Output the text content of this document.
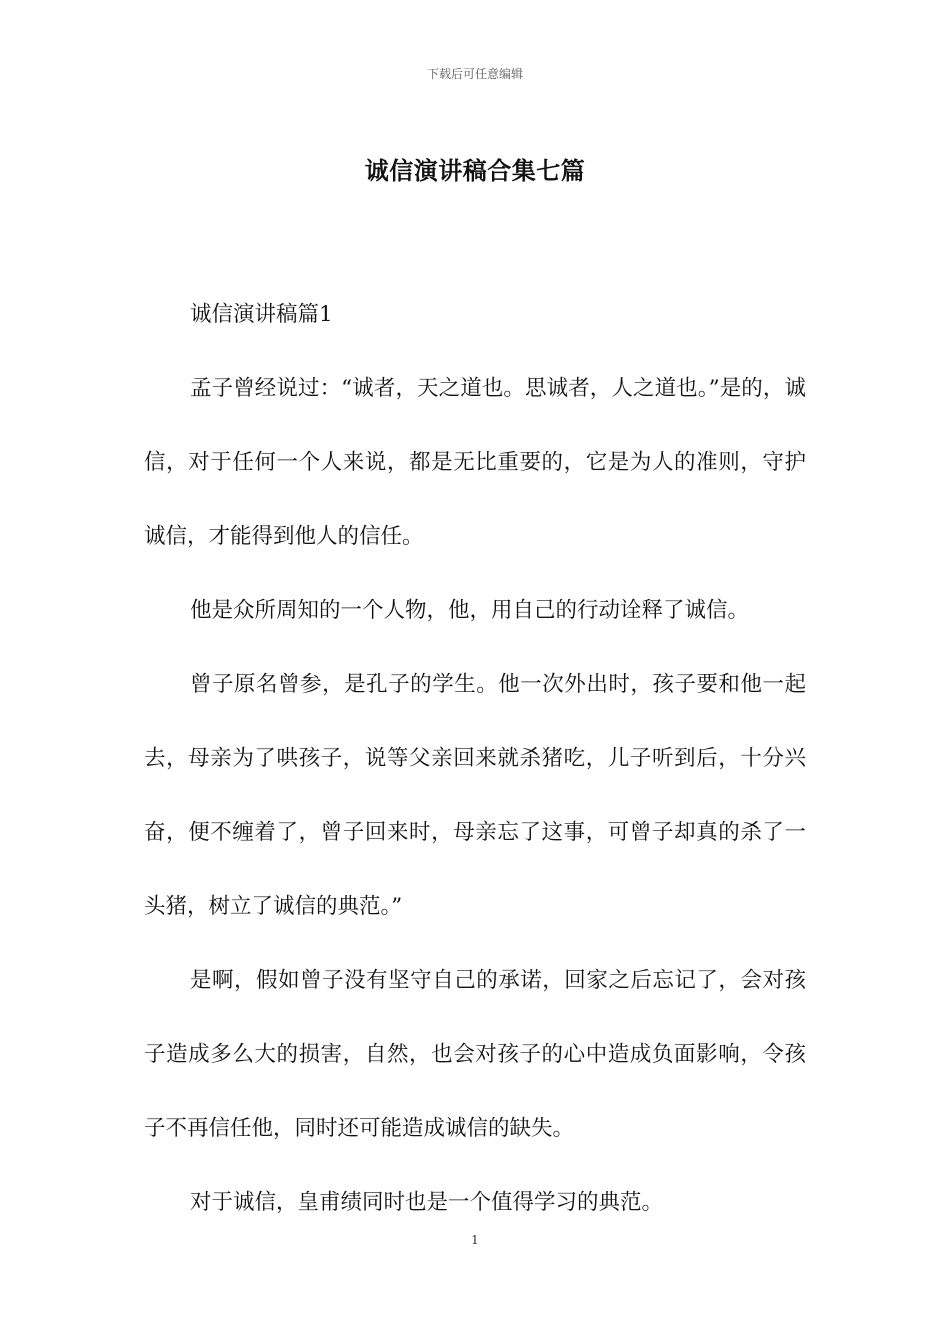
下载后可任意编辑
诚信演讲稿合集七篇

诚信演讲稿篇1

孟子曾经说过：“诚者，天之道也。思诚者，人之道也。”是的，诚信，对于任何一个人来说，都是无比重要的，它是为人的准则，守护诚信，才能得到他人的信任。

他是众所周知的一个人物，他，用自己的行动诠释了诚信。

曾子原名曾参，是孔子的学生。他一次外出时，孩子要和他一起去，母亲为了哄孩子，说等父亲回来就杀猪吃，儿子听到后，十分兴奋，便不缠着了，曾子回来时，母亲忘了这事，可曾子却真的杀了一头猪，树立了诚信的典范。”

是啊，假如曾子没有坚守自己的承诺，回家之后忘记了，会对孩子造成多么大的损害，自然，也会对孩子的心中造成负面影响，令孩子不再信任他，同时还可能造成诚信的缺失。

对于诚信，皇甫绩同时也是一个值得学习的典范。

1
